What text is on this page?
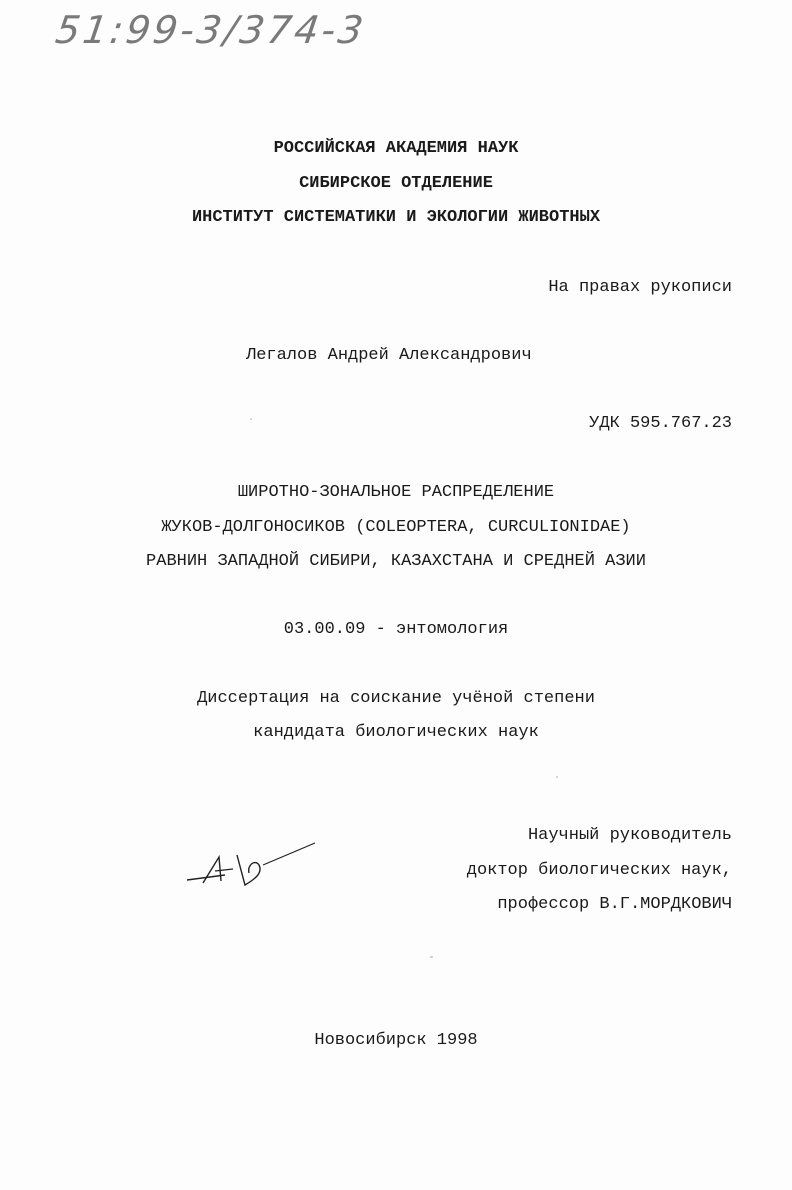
51:99-3/374-3
РОССИЙСКАЯ АКАДЕМИЯ НАУК
СИБИРСКОЕ ОТДЕЛЕНИЕ
ИНСТИТУТ СИСТЕМАТИКИ И ЭКОЛОГИИ ЖИВОТНЫХ
На правах рукописи
Легалов Андрей Александрович
УДК 595.767.23
ШИРОТНО-ЗОНАЛЬНОЕ РАСПРЕДЕЛЕНИЕ
ЖУКОВ-ДОЛГОНОСИКОВ (COLEOPTERA, CURCULIONIDAE)
РАВНИН ЗАПАДНОЙ СИБИРИ, КАЗАХСТАНА И СРЕДНЕЙ АЗИИ
03.00.09 - энтомология
Диссертация на соискание учёной степени
кандидата биологических наук
Научный руководитель
доктор биологических наук,
профессор В.Г.МОРДКОВИЧ
Новосибирск 1998
